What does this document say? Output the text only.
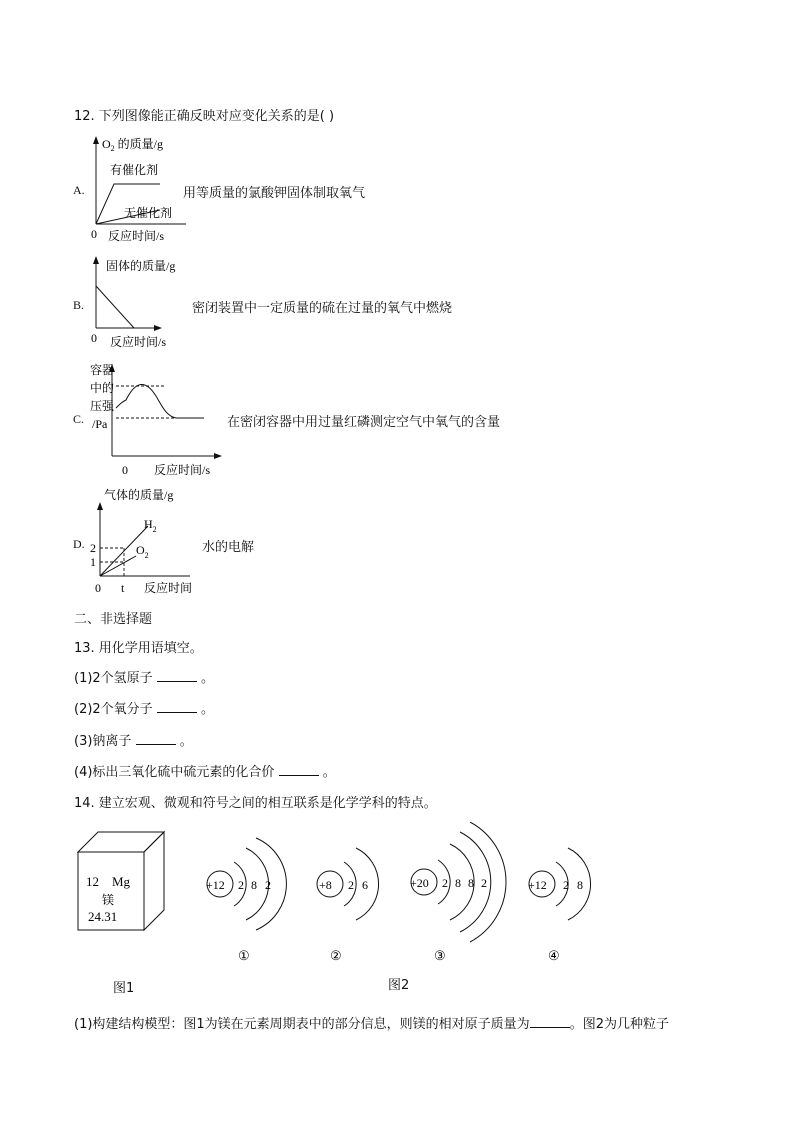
12. 下列图像能正确反映对应变化关系的是( )
A.
$O_2$ 的质量/g
有催化剂
无催化剂
0 反应时间/s
用等质量的氯酸钾固体制取氧气
B.
固体的质量/g
0 反应时间/s
密闭装置中一定质量的硫在过量的氧气中燃烧
C.
容器
中的
压强
/Pa
0 反应时间/s
在密闭容器中用过量红磷测定空气中氧气的含量
D.
气体的质量/g
2
1
$H_2$
$O_2$
0 t 反应时间
水的电解
二、非选择题
13. 用化学用语填空。
(1)2个氢原子	。
(2)2个氧分子	。
(3)钠离子	。
(4)标出三氧化硫中硫元素的化合价	。
14. 建立宏观、微观和符号之间的相互联系是化学学科的特点。
12 Mg
镁
24.31
图1
+12 2 8 2
①
+8 2 6
②
+20 2 8 8 2
③
+12 2 8
④
图2
(1)构建结构模型：图1为镁在元素周期表中的部分信息，则镁的相对原子质量为	。图2为几种粒子
